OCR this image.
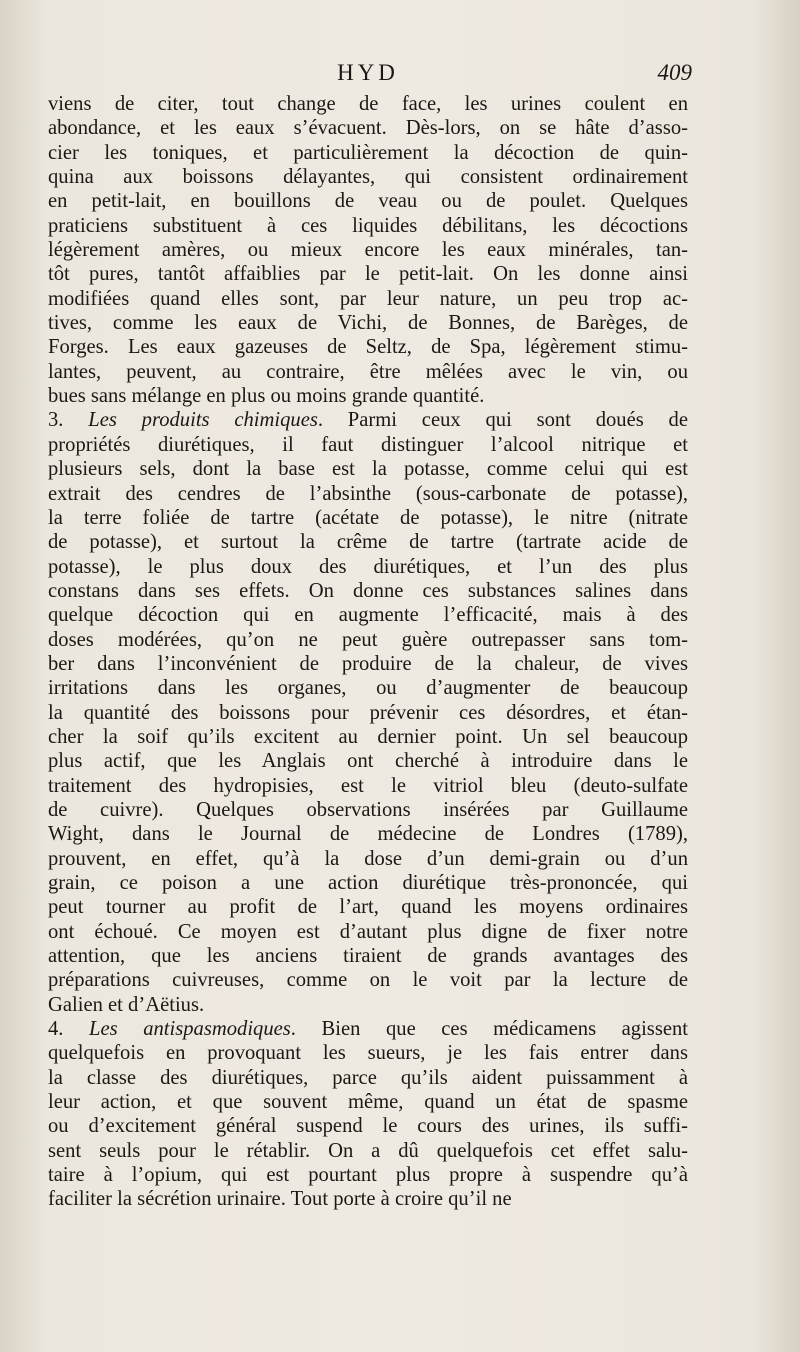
HYD	409
viens de citer, tout change de face, les urines coulent en
abondance, et les eaux s’évacuent. Dès-lors, on se hâte d’asso-
cier les toniques, et particulièrement la décoction de quin-
quina aux boissons délayantes, qui consistent ordinairement
en petit-lait, en bouillons de veau ou de poulet. Quelques
praticiens substituent à ces liquides débilitans, les décoctions
légèrement amères, ou mieux encore les eaux minérales, tan-
tôt pures, tantôt affaiblies par le petit-lait. On les donne ainsi
modifiées quand elles sont, par leur nature, un peu trop ac-
tives, comme les eaux de Vichi, de Bonnes, de Barèges, de
Forges. Les eaux gazeuses de Seltz, de Spa, légèrement stimu-
lantes, peuvent, au contraire, être mêlées avec le vin, ou
bues sans mélange en plus ou moins grande quantité.
3. Les produits chimiques. Parmi ceux qui sont doués de
propriétés diurétiques, il faut distinguer l’alcool nitrique et
plusieurs sels, dont la base est la potasse, comme celui qui est
extrait des cendres de l’absinthe (sous-carbonate de potasse),
la terre foliée de tartre (acétate de potasse), le nitre (nitrate
de potasse), et surtout la crême de tartre (tartrate acide de
potasse), le plus doux des diurétiques, et l’un des plus
constans dans ses effets. On donne ces substances salines dans
quelque décoction qui en augmente l’efficacité, mais à des
doses modérées, qu’on ne peut guère outrepasser sans tom-
ber dans l’inconvénient de produire de la chaleur, de vives
irritations dans les organes, ou d’augmenter de beaucoup
la quantité des boissons pour prévenir ces désordres, et étan-
cher la soif qu’ils excitent au dernier point. Un sel beaucoup
plus actif, que les Anglais ont cherché à introduire dans le
traitement des hydropisies, est le vitriol bleu (deuto-sulfate
de cuivre). Quelques observations insérées par Guillaume
Wight, dans le Journal de médecine de Londres (1789),
prouvent, en effet, qu’à la dose d’un demi-grain ou d’un
grain, ce poison a une action diurétique très-prononcée, qui
peut tourner au profit de l’art, quand les moyens ordinaires
ont échoué. Ce moyen est d’autant plus digne de fixer notre
attention, que les anciens tiraient de grands avantages des
préparations cuivreuses, comme on le voit par la lecture de
Galien et d’Aëtius.
4. Les antispasmodiques. Bien que ces médicamens agissent
quelquefois en provoquant les sueurs, je les fais entrer dans
la classe des diurétiques, parce qu’ils aident puissamment à
leur action, et que souvent même, quand un état de spasme
ou d’excitement général suspend le cours des urines, ils suffi-
sent seuls pour le rétablir. On a dû quelquefois cet effet salu-
taire à l’opium, qui est pourtant plus propre à suspendre qu’à
faciliter la sécrétion urinaire. Tout porte à croire qu’il ne
